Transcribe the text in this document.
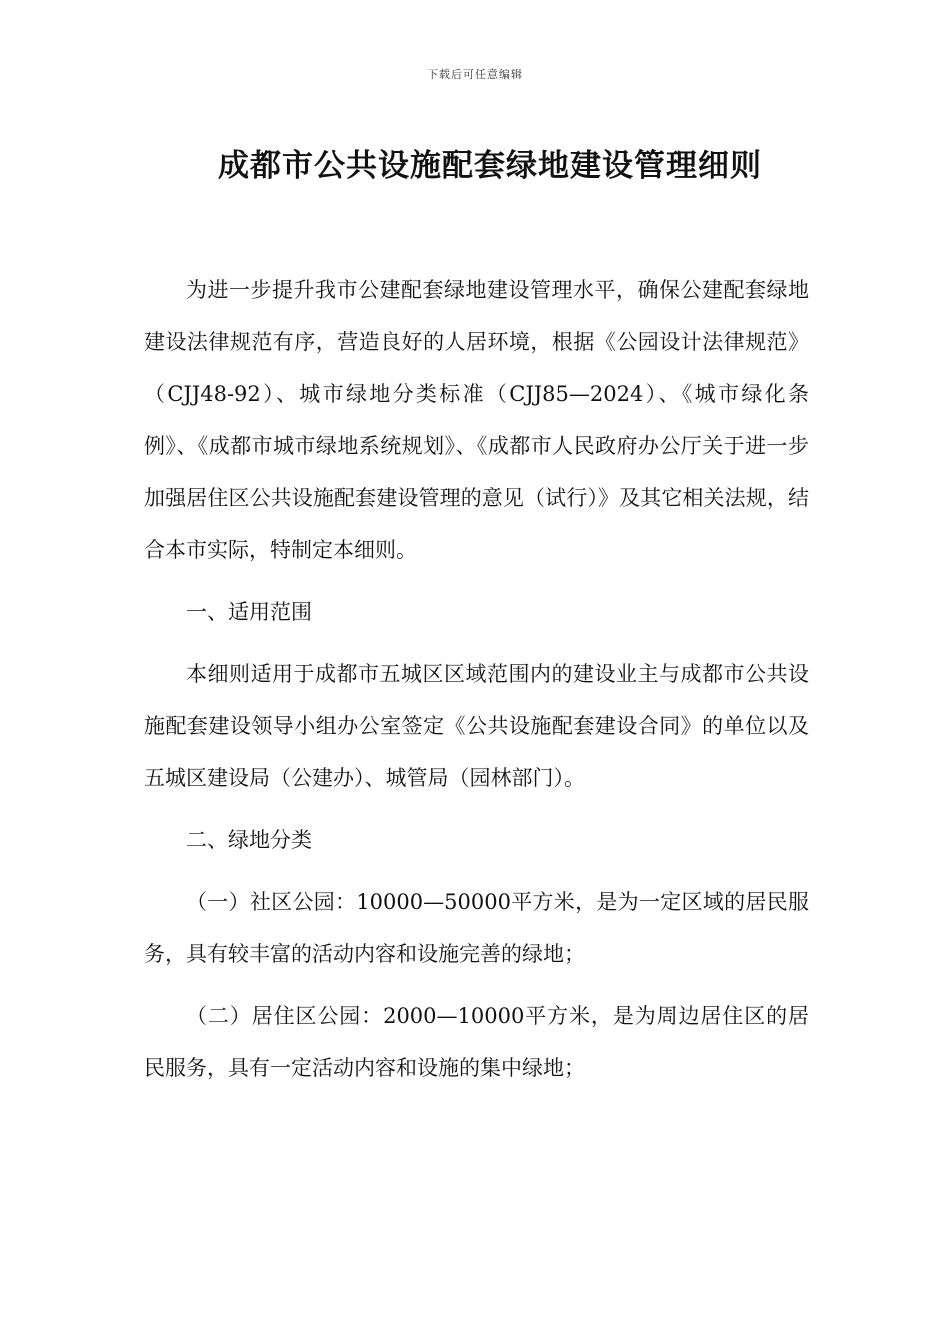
下载后可任意编辑
成都市公共设施配套绿地建设管理细则

为进一步提升我市公建配套绿地建设管理水平，确保公建配套绿地建设法律规范有序，营造良好的人居环境，根据《公园设计法律规范》（CJJ48-92）、城市绿地分类标准（CJJ85—2024）、《城市绿化条例》、《成都市城市绿地系统规划》、《成都市人民政府办公厅关于进一步加强居住区公共设施配套建设管理的意见（试行）》及其它相关法规，结合本市实际，特制定本细则。

一、适用范围

本细则适用于成都市五城区区域范围内的建设业主与成都市公共设施配套建设领导小组办公室签定《公共设施配套建设合同》的单位以及五城区建设局（公建办）、城管局（园林部门）。

二、绿地分类

（一）社区公园：10000—50000平方米，是为一定区域的居民服务，具有较丰富的活动内容和设施完善的绿地；

（二）居住区公园：2000—10000平方米，是为周边居住区的居民服务，具有一定活动内容和设施的集中绿地；
